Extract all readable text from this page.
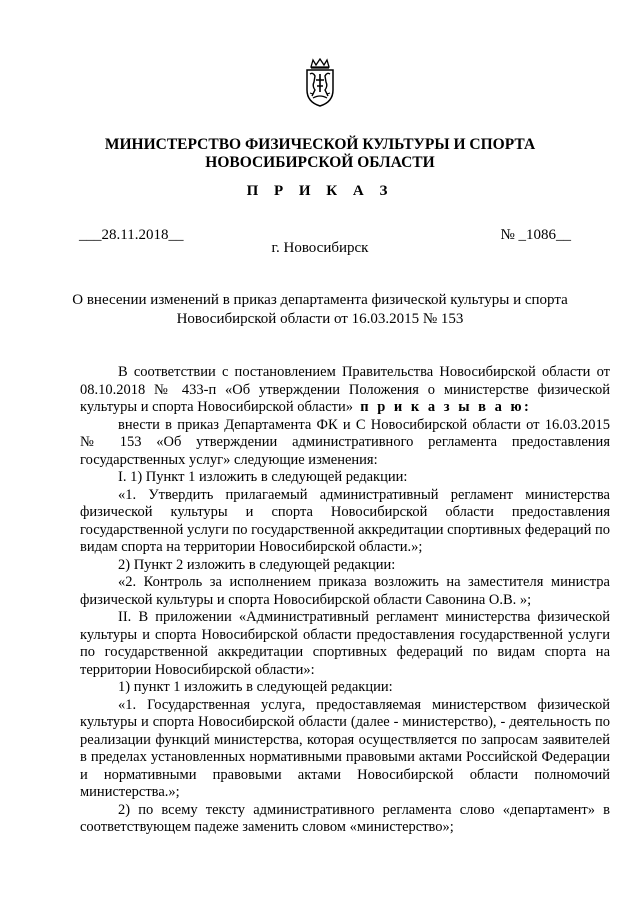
МИНИСТЕРСТВО ФИЗИЧЕСКОЙ КУЛЬТУРЫ И СПОРТА
НОВОСИБИРСКОЙ ОБЛАСТИ
П Р И К А З
___28.11.2018__	№ _1086__
г. Новосибирск
О внесении изменений в приказ департамента физической культуры и спорта
Новосибирской области от 16.03.2015 № 153

В соответствии с постановлением Правительства Новосибирской области от 08.10.2018 № 433-п «Об утверждении Положения о министерстве физической культуры и спорта Новосибирской области» п р и к а з ы в а ю:

внести в приказ Департамента ФК и С Новосибирской области от 16.03.2015 № 153 «Об утверждении административного регламента предоставления государственных услуг» следующие изменения:

I. 1) Пункт 1 изложить в следующей редакции:

«1. Утвердить прилагаемый административный регламент министерства физической культуры и спорта Новосибирской области предоставления государственной услуги по государственной аккредитации спортивных федераций по видам спорта на территории Новосибирской области.»;

2) Пункт 2 изложить в следующей редакции:

«2. Контроль за исполнением приказа возложить на заместителя министра физической культуры и спорта Новосибирской области Савонина О.В. »;

II. В приложении «Административный регламент министерства физической культуры и спорта Новосибирской области предоставления государственной услуги по государственной аккредитации спортивных федераций по видам спорта на территории Новосибирской области»:

1) пункт 1 изложить в следующей редакции:

«1. Государственная услуга, предоставляемая министерством физической культуры и спорта Новосибирской области (далее - министерство), - деятельность по реализации функций министерства, которая осуществляется по запросам заявителей в пределах установленных нормативными правовыми актами Российской Федерации и нормативными правовыми актами Новосибирской области полномочий министерства.»;

2) по всему тексту административного регламента слово «департамент» в соответствующем падеже заменить словом «министерство»;
